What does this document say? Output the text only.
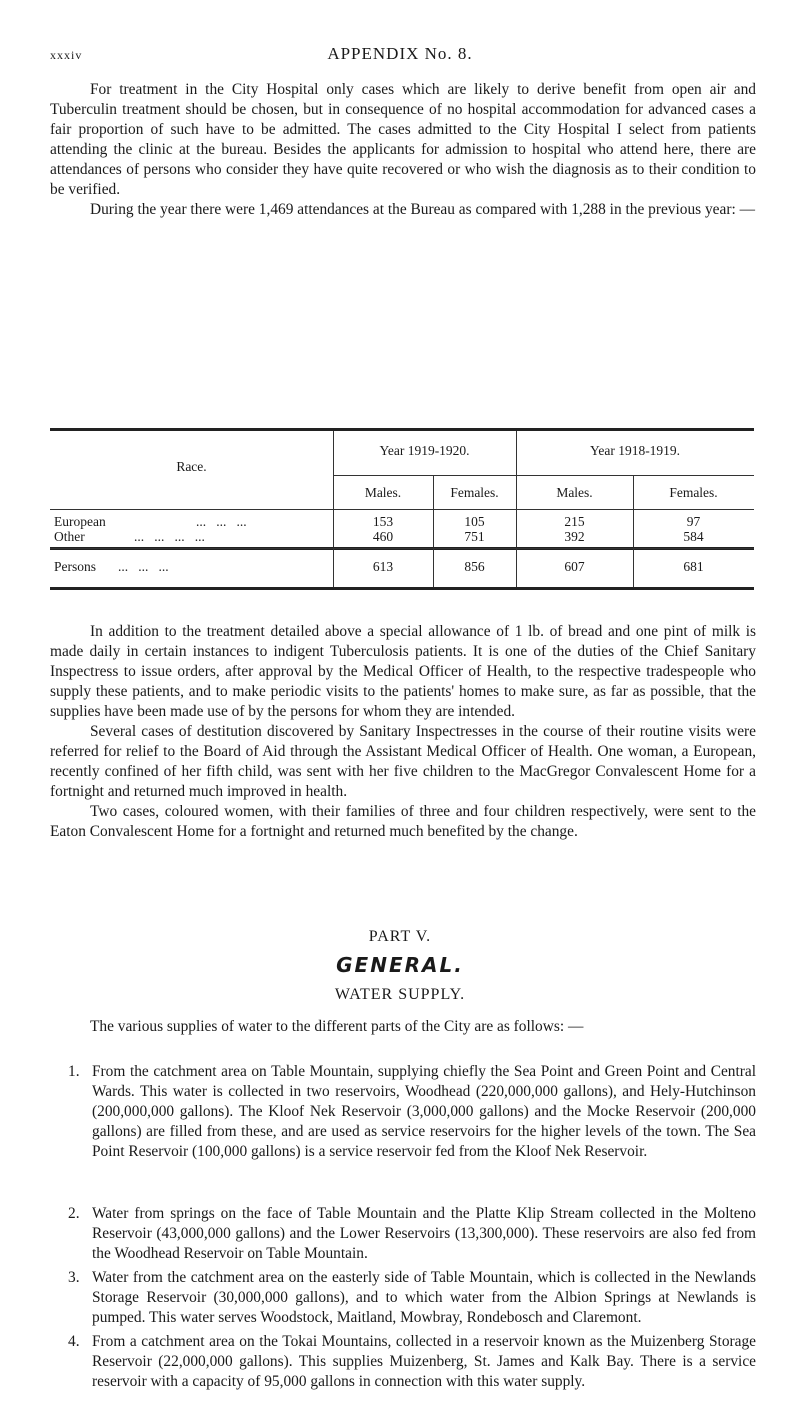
xxxiv	APPENDIX No. 8.

For treatment in the City Hospital only cases which are likely to derive benefit from open air and Tuberculin treatment should be chosen, but in consequence of no hospital accommodation for advanced cases a fair proportion of such have to be admitted. The cases admitted to the City Hospital I select from patients attending the clinic at the bureau. Besides the applicants for admission to hospital who attend here, there are attendances of persons who consider they have quite recovered or who wish the diagnosis as to their condition to be verified.

During the year there were 1,469 attendances at the Bureau as compared with 1,288 in the previous year: —

Race.
Year 1919-1920.	Year 1918-1919.
Males.	Females.	Males.	Females.
European	...   ...   ...	153	105	215	97
Other	...   ...   ...   ...	460	751	392	584
Persons ...   ...   ...	613	856	607	681

In addition to the treatment detailed above a special allowance of 1 lb. of bread and one pint of milk is made daily in certain instances to indigent Tuberculosis patients. It is one of the duties of the Chief Sanitary Inspectress to issue orders, after approval by the Medical Officer of Health, to the respective tradespeople who supply these patients, and to make periodic visits to the patients' homes to make sure, as far as possible, that the supplies have been made use of by the persons for whom they are intended.

Several cases of destitution discovered by Sanitary Inspectresses in the course of their routine visits were referred for relief to the Board of Aid through the Assistant Medical Officer of Health. One woman, a European, recently confined of her fifth child, was sent with her five children to the MacGregor Convalescent Home for a fortnight and returned much improved in health.

Two cases, coloured women, with their families of three and four children respectively, were sent to the Eaton Convalescent Home for a fortnight and returned much benefited by the change.

PART V.
GENERAL.
WATER SUPPLY.

The various supplies of water to the different parts of the City are as follows: —

1. From the catchment area on Table Mountain, supplying chiefly the Sea Point and Green Point and Central Wards. This water is collected in two reservoirs, Woodhead (220,000,000 gallons), and Hely-Hutchinson (200,000,000 gallons). The Kloof Nek Reservoir (3,000,000 gallons) and the Mocke Reservoir (200,000 gallons) are filled from these, and are used as service reservoirs for the higher levels of the town. The Sea Point Reservoir (100,000 gallons) is a service reservoir fed from the Kloof Nek Reservoir.
2. Water from springs on the face of Table Mountain and the Platte Klip Stream collected in the Molteno Reservoir (43,000,000 gallons) and the Lower Reservoirs (13,300,000). These reservoirs are also fed from the Woodhead Reservoir on Table Mountain.
3. Water from the catchment area on the easterly side of Table Mountain, which is collected in the Newlands Storage Reservoir (30,000,000 gallons), and to which water from the Albion Springs at Newlands is pumped. This water serves Woodstock, Maitland, Mowbray, Rondebosch and Claremont.
4. From a catchment area on the Tokai Mountains, collected in a reservoir known as the Muizenberg Storage Reservoir (22,000,000 gallons). This supplies Muizenberg, St. James and Kalk Bay. There is a service reservoir with a capacity of 95,000 gallons in connection with this water supply.
